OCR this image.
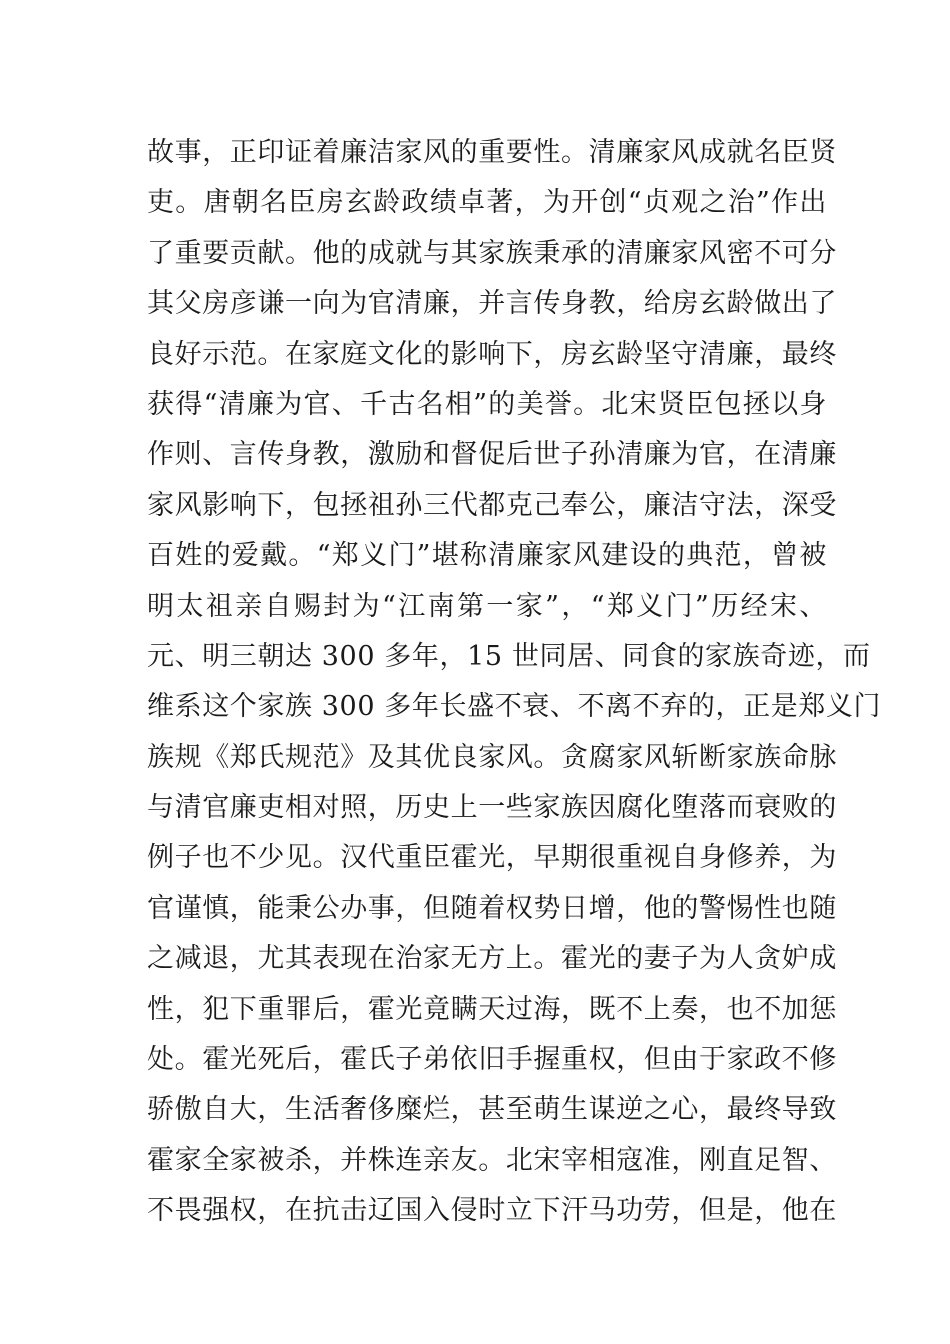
故事，正印证着廉洁家风的重要性。清廉家风成就名臣贤
吏。唐朝名臣房玄龄政绩卓著，为开创“贞观之治”作出
了重要贡献。他的成就与其家族秉承的清廉家风密不可分
其父房彦谦一向为官清廉，并言传身教，给房玄龄做出了
良好示范。在家庭文化的影响下，房玄龄坚守清廉，最终
获得“清廉为官、千古名相”的美誉。北宋贤臣包拯以身
作则、言传身教，激励和督促后世子孙清廉为官，在清廉
家风影响下，包拯祖孙三代都克己奉公，廉洁守法，深受
百姓的爱戴。“郑义门”堪称清廉家风建设的典范，曾被
明太祖亲自赐封为“江南第一家”，“郑义门”历经宋、
元、明三朝达 300 多年，15 世同居、同食的家族奇迹，而
维系这个家族 300 多年长盛不衰、不离不弃的，正是郑义门
族规《郑氏规范》及其优良家风。贪腐家风斩断家族命脉
与清官廉吏相对照，历史上一些家族因腐化堕落而衰败的
例子也不少见。汉代重臣霍光，早期很重视自身修养，为
官谨慎，能秉公办事，但随着权势日增，他的警惕性也随
之减退，尤其表现在治家无方上。霍光的妻子为人贪妒成
性，犯下重罪后，霍光竟瞒天过海，既不上奏，也不加惩
处。霍光死后，霍氏子弟依旧手握重权，但由于家政不修
骄傲自大，生活奢侈糜烂，甚至萌生谋逆之心，最终导致
霍家全家被杀，并株连亲友。北宋宰相寇准，刚直足智、
不畏强权，在抗击辽国入侵时立下汗马功劳，但是，他在
